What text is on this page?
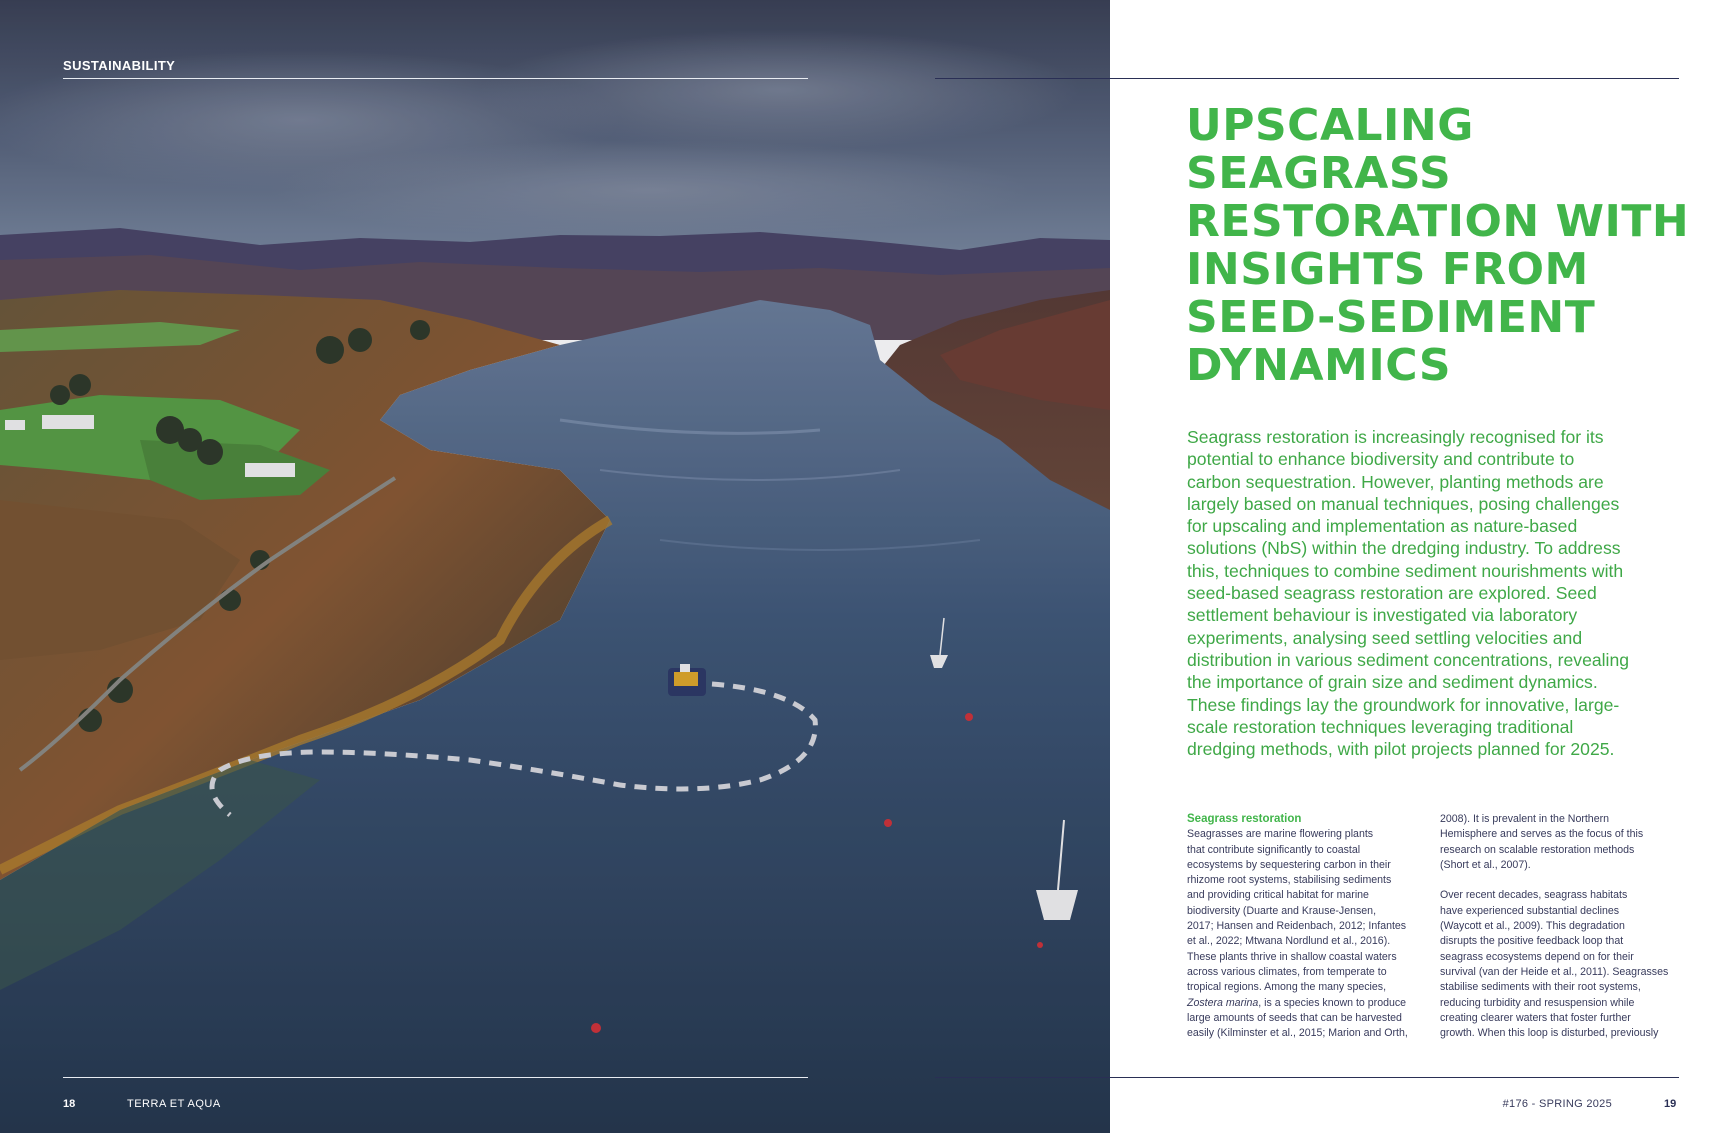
SUSTAINABILITY
18	TERRA ET AQUA
UPSCALING
SEAGRASS
RESTORATION WITH
INSIGHTS FROM
SEED-SEDIMENT
DYNAMICS
Seagrass restoration is increasingly recognised for its
potential to enhance biodiversity and contribute to
carbon sequestration. However, planting methods are
largely based on manual techniques, posing challenges
for upscaling and implementation as nature-based
solutions (NbS) within the dredging industry. To address
this, techniques to combine sediment nourishments with
seed-based seagrass restoration are explored. Seed
settlement behaviour is investigated via laboratory
experiments, analysing seed settling velocities and
distribution in various sediment concentrations, revealing
the importance of grain size and sediment dynamics.
These findings lay the groundwork for innovative, large-
scale restoration techniques leveraging traditional
dredging methods, with pilot projects planned for 2025.
Seagrass restoration
Seagrasses are marine flowering plants
that contribute significantly to coastal
ecosystems by sequestering carbon in their
rhizome root systems, stabilising sediments
and providing critical habitat for marine
biodiversity (Duarte and Krause-Jensen,
2017; Hansen and Reidenbach, 2012; Infantes
et al., 2022; Mtwana Nordlund et al., 2016).
These plants thrive in shallow coastal waters
across various climates, from temperate to
tropical regions. Among the many species,
Zostera marina, is a species known to produce
large amounts of seeds that can be harvested
easily (Kilminster et al., 2015; Marion and Orth,
2008). It is prevalent in the Northern
Hemisphere and serves as the focus of this
research on scalable restoration methods
(Short et al., 2007).
Over recent decades, seagrass habitats
have experienced substantial declines
(Waycott et al., 2009). This degradation
disrupts the positive feedback loop that
seagrass ecosystems depend on for their
survival (van der Heide et al., 2011). Seagrasses
stabilise sediments with their root systems,
reducing turbidity and resuspension while
creating clearer waters that foster further
growth. When this loop is disturbed, previously
#176 - SPRING 2025	19
